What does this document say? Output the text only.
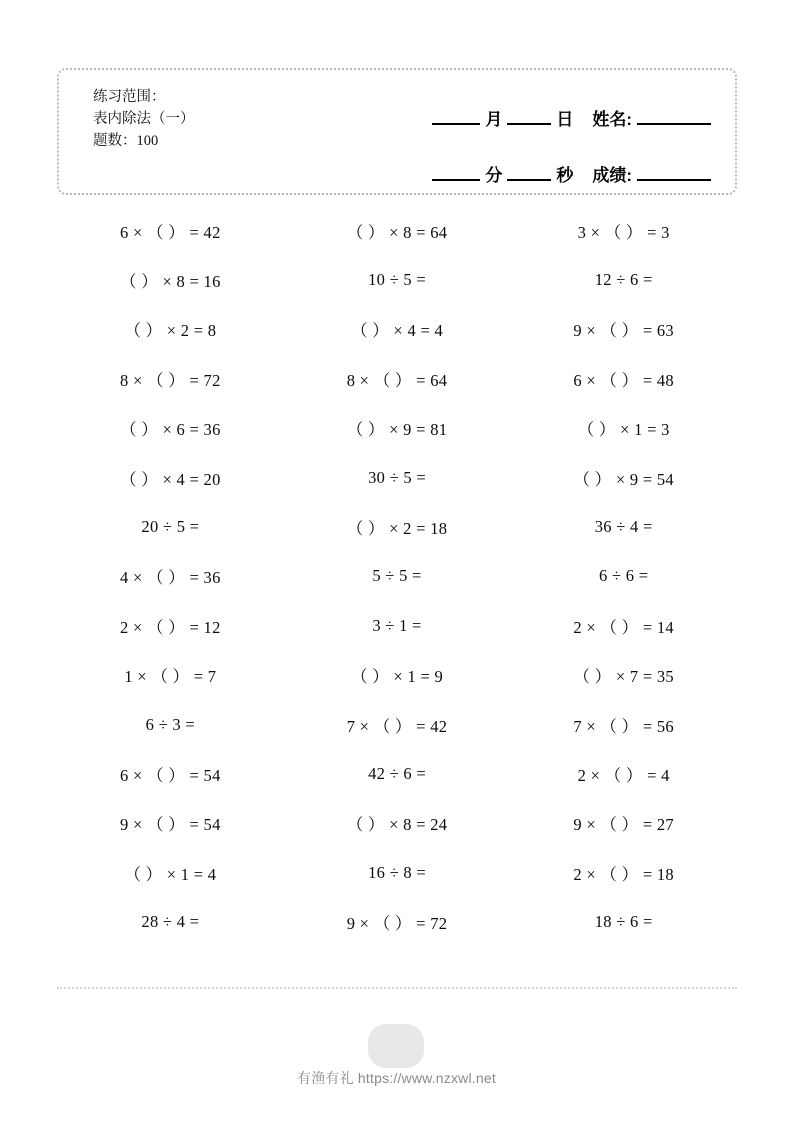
练习范围：
表内除法（一）
题数：100
月	日 姓名:
分	秒 成绩:
6 × （ ） = 42	（ ） × 8 = 64	3 × （ ） = 3
（ ） × 8 = 16	10 ÷ 5 =	12 ÷ 6 =
（ ） × 2 = 8	（ ） × 4 = 4	9 × （ ） = 63
8 × （ ） = 72	8 × （ ） = 64	6 × （ ） = 48
（ ） × 6 = 36	（ ） × 9 = 81	（ ） × 1 = 3
（ ） × 4 = 20	30 ÷ 5 =	（ ） × 9 = 54
20 ÷ 5 =	（ ） × 2 = 18	36 ÷ 4 =
4 × （ ） = 36	5 ÷ 5 =	6 ÷ 6 =
2 × （ ） = 12	3 ÷ 1 =	2 × （ ） = 14
1 × （ ） = 7	（ ） × 1 = 9	（ ） × 7 = 35
6 ÷ 3 =	7 × （ ） = 42	7 × （ ） = 56
6 × （ ） = 54	42 ÷ 6 =	2 × （ ） = 4
9 × （ ） = 54	（ ） × 8 = 24	9 × （ ） = 27
（ ） × 1 = 4	16 ÷ 8 =	2 × （ ） = 18
28 ÷ 4 =	9 × （ ） = 72	18 ÷ 6 =
有渔有礼 https://www.nzxwl.net
